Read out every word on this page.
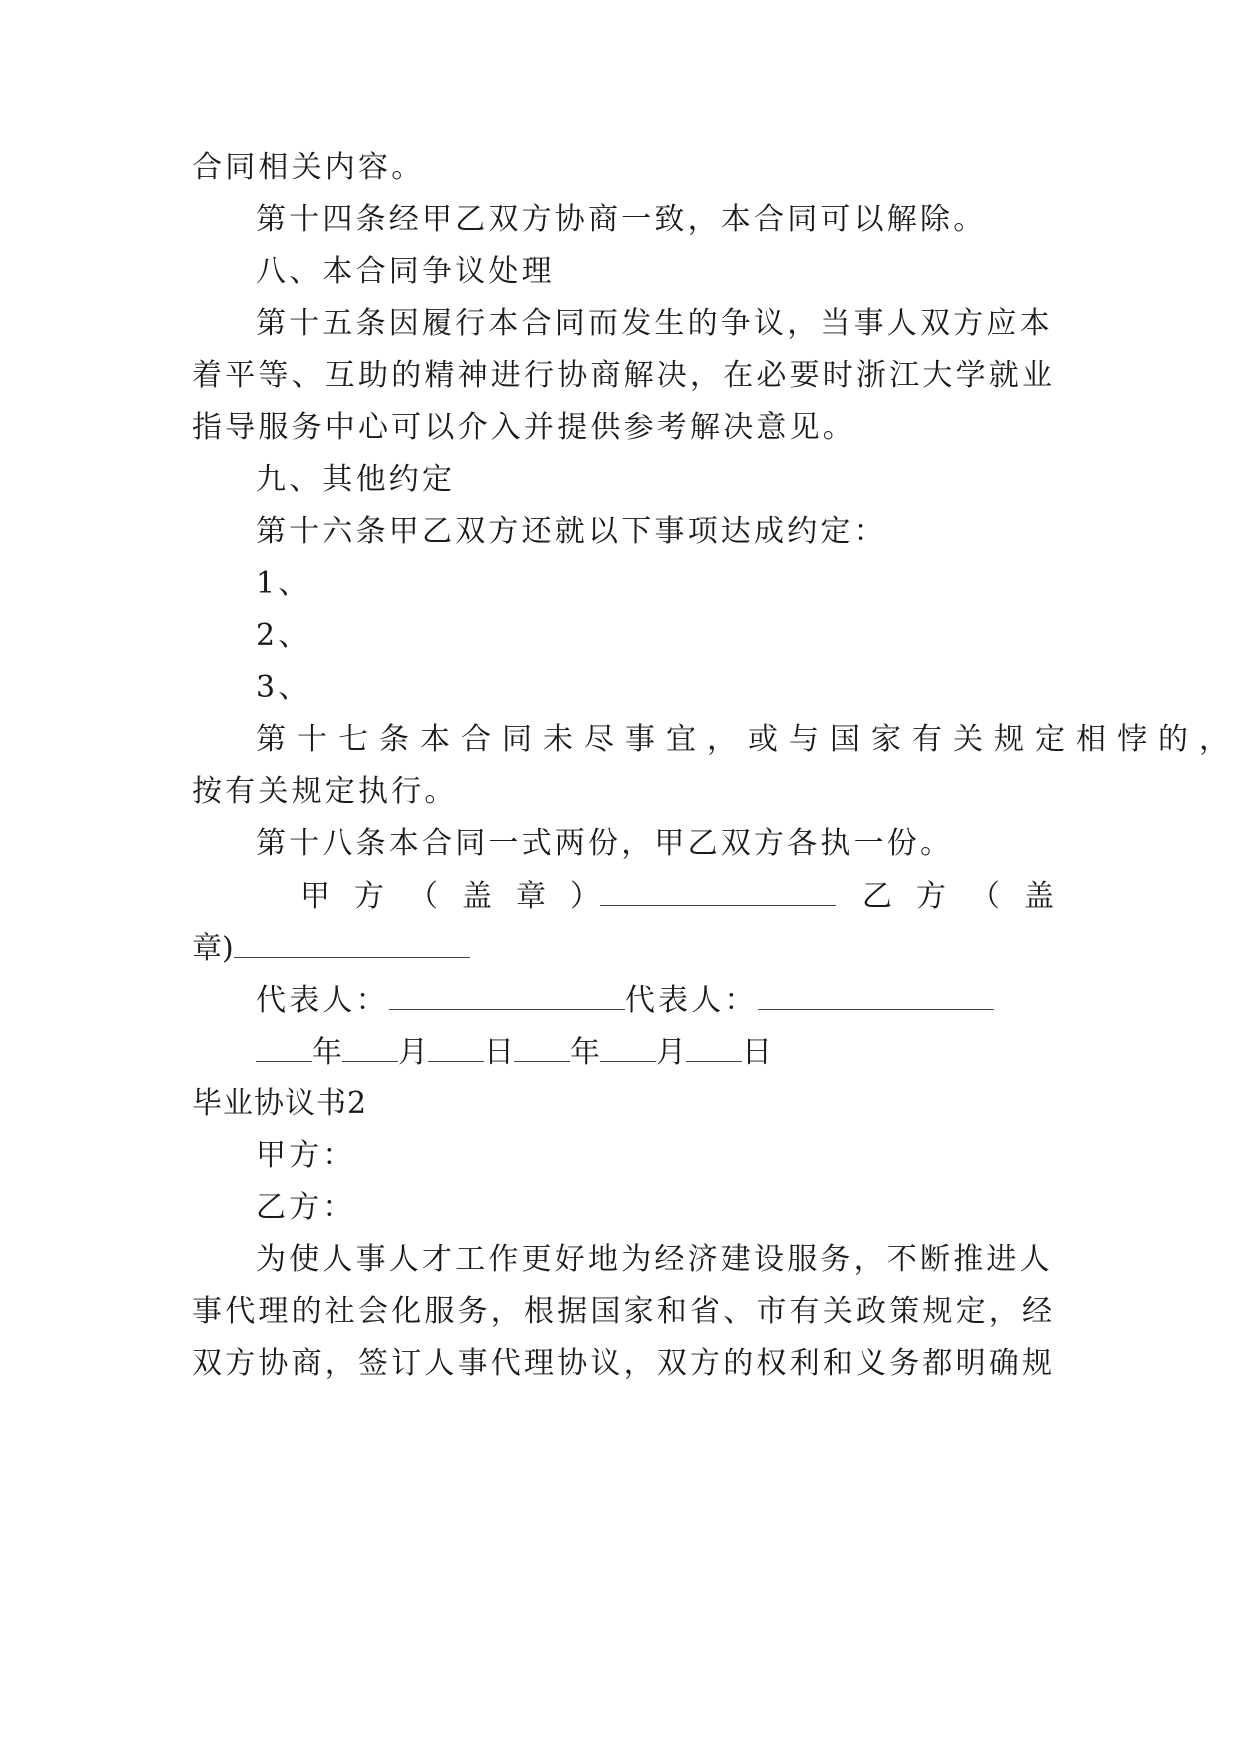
合同相关内容。
第十四条经甲乙双方协商一致，本合同可以解除。
八、本合同争议处理
第十五条因履行本合同而发生的争议，当事人双方应本
着平等、互助的精神进行协商解决，在必要时浙江大学就业
指导服务中心可以介入并提供参考解决意见。
九、其他约定
第十六条甲乙双方还就以下事项达成约定：
1、
2、
3、
第十七条本合同未尽事宜，或与国家有关规定相悖的，
按有关规定执行。
第十八条本合同一式两份，甲乙双方各执一份。
甲 方 （ 盖 章 ）	乙 方 （ 盖
章)
代表人：	代表人：
年 月 日 年 月 日
毕业协议书2
甲方：
乙方：
为使人事人才工作更好地为经济建设服务，不断推进人
事代理的社会化服务，根据国家和省、市有关政策规定，经
双方协商，签订人事代理协议，双方的权利和义务都明确规
